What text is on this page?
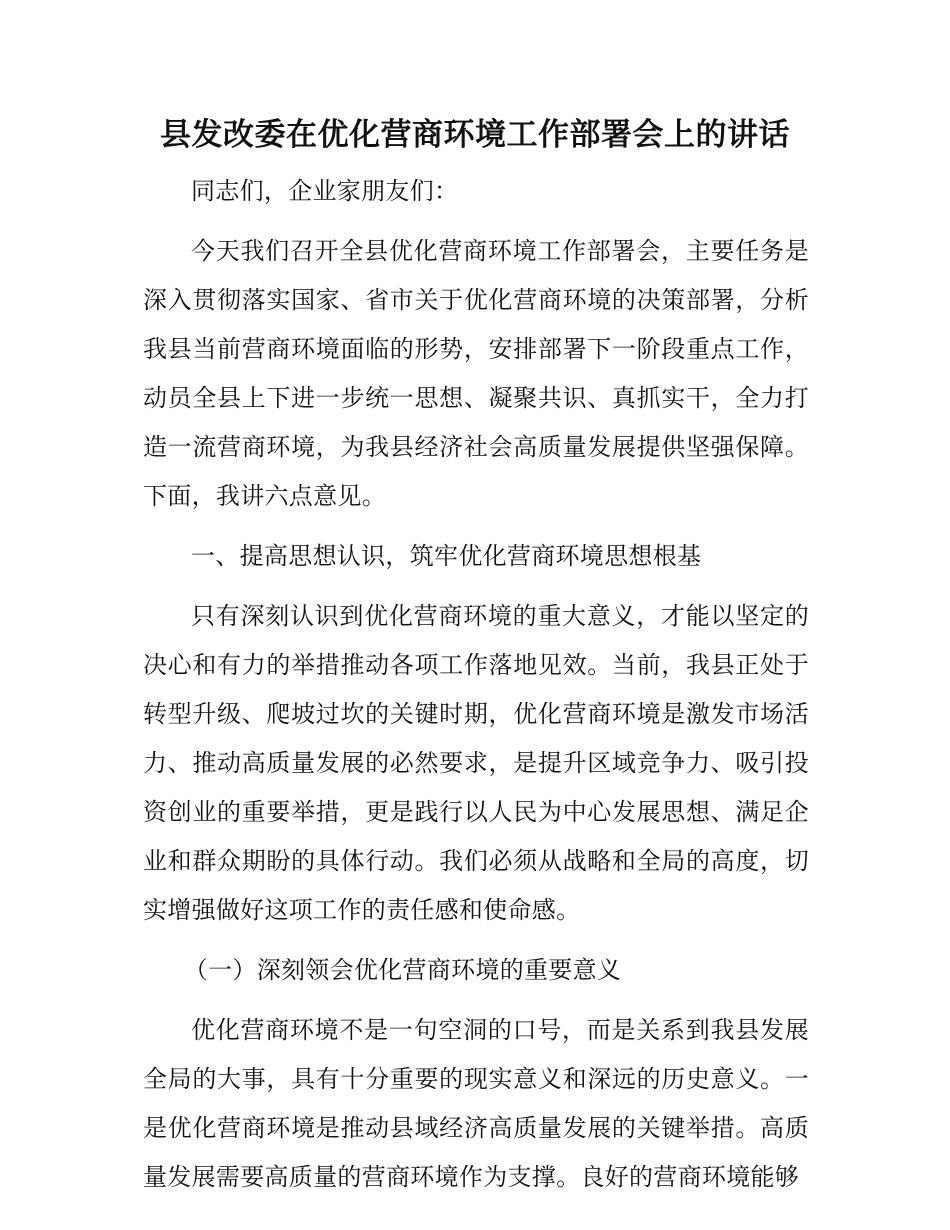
县发改委在优化营商环境工作部署会上的讲话

同志们，企业家朋友们：

今天我们召开全县优化营商环境工作部署会，主要任务是深入贯彻落实国家、省市关于优化营商环境的决策部署，分析我县当前营商环境面临的形势，安排部署下一阶段重点工作，动员全县上下进一步统一思想、凝聚共识、真抓实干，全力打造一流营商环境，为我县经济社会高质量发展提供坚强保障。下面，我讲六点意见。

一、提高思想认识，筑牢优化营商环境思想根基

只有深刻认识到优化营商环境的重大意义，才能以坚定的决心和有力的举措推动各项工作落地见效。当前，我县正处于转型升级、爬坡过坎的关键时期，优化营商环境是激发市场活力、推动高质量发展的必然要求，是提升区域竞争力、吸引投资创业的重要举措，更是践行以人民为中心发展思想、满足企业和群众期盼的具体行动。我们必须从战略和全局的高度，切实增强做好这项工作的责任感和使命感。

（一）深刻领会优化营商环境的重要意义

优化营商环境不是一句空洞的口号，而是关系到我县发展全局的大事，具有十分重要的现实意义和深远的历史意义。一是优化营商环境是推动县域经济高质量发展的关键举措。高质量发展需要高质量的营商环境作为支撑。良好的营商环境能够
